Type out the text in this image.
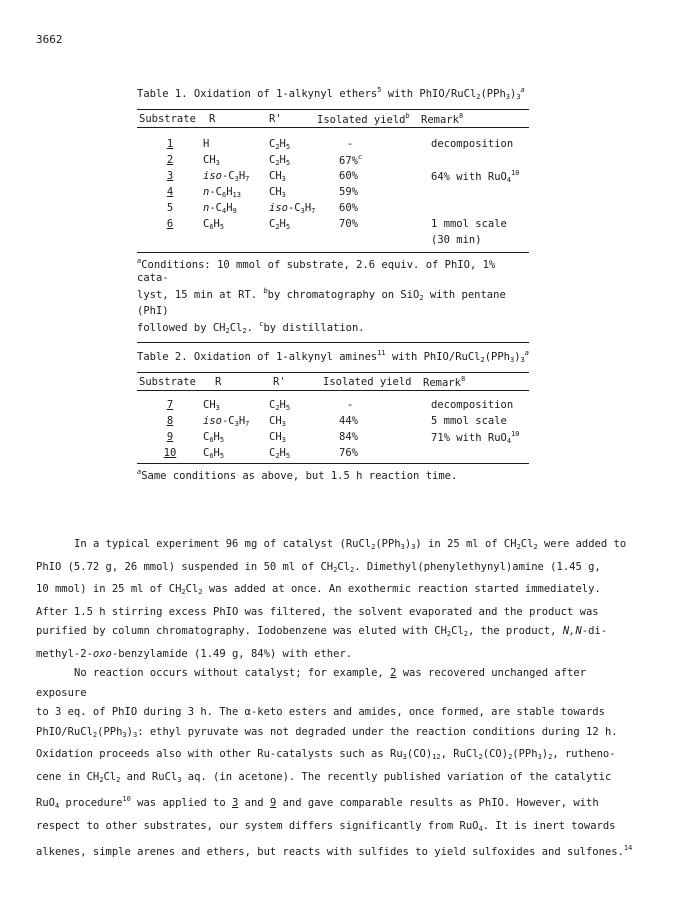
3662
Table 1. Oxidation of 1-alkynyl ethers$^5$ with PhIO/$RuCl_2(PPh_3)_3^a$
Substrate	R	R'	Isolated yield$^b$	Remark$^8$
1	H	$C_2H_5$	-	decomposition
2	$CH_3$	$C_2H_5$	67%$^c$
3	iso-$C_3H_7$	$CH_3$	60%	64% with RuO$_4^{10}$
4	$n-C_6H_{13}$	$CH_3$	59%
5	$n-C_4H_9$	iso-$C_3H_7$	60%
6	$C_6H_5$	$C_2H_5$	70%	1 mmol scale
(30 min)
$^a$Conditions: 10 mmol of substrate, 2.6 equiv. of PhIO, 1% cata-
lyst, 15 min at RT. $^b$by chromatography on SiO$_2$ with pentane (PhI)
followed by $CH_2Cl_2$. $^c$by distillation.
Table 2. Oxidation of 1-alkynyl amines$^{11}$ with PhIO/$RuCl_2(PPh_3)_3^a$
Substrate	R	R'	Isolated yield	Remark$^8$
7	$CH_3$	$C_2H_5$	-	decomposition
8	iso-$C_3H_7$	$CH_3$	44%	5 mmol scale
9	$C_6H_5$	$CH_3$	84%	71% with RuO$_4^{10}$
10	$C_6H_5$	$C_2H_5$	76%
$^a$Same conditions as above, but 1.5 h reaction time.

In a typical experiment 96 mg of catalyst $(RuCl_2(PPh_3)_3)$ in 25 ml of $CH_2Cl_2$ were added to

PhIO (5.72 g, 26 mmol) suspended in 50 ml of $CH_2Cl_2$. Dimethyl(phenylethynyl)amine (1.45 g,
10 mmol) in 25 ml of $CH_2Cl_2$ was added at once. An exothermic reaction started immediately.
After 1.5 h stirring excess PhIO was filtered, the solvent evaporated and the product was
purified by column chromatography. Iodobenzene was eluted with $CH_2Cl_2$, the product, N,N-di-
methyl-2-oxo-benzylamide (1.49 g, 84%) with ether.

No reaction occurs without catalyst; for example, 2 was recovered unchanged after exposure

to 3 eq. of PhIO during 3 h. The α-keto esters and amides, once formed, are stable towards
PhIO/$RuCl_2(PPh_3)_3$: ethyl pyruvate was not degraded under the reaction conditions during 12 h.
Oxidation proceeds also with other Ru-catalysts such as $Ru_3(CO)_{12}$, $RuCl_2(CO)_2(PPh_3)_2$, rutheno-
cene in $CH_2Cl_2$ and RuCl$_3$ aq. (in acetone). The recently published variation of the catalytic
RuO$_4$ procedure$^{10}$ was applied to 3 and 9 and gave comparable results as PhIO. However, with
respect to other substrates, our system differs significantly from RuO$_4$. It is inert towards
alkenes, simple arenes and ethers, but reacts with sulfides to yield sulfoxides and sulfones.$^{14}$
